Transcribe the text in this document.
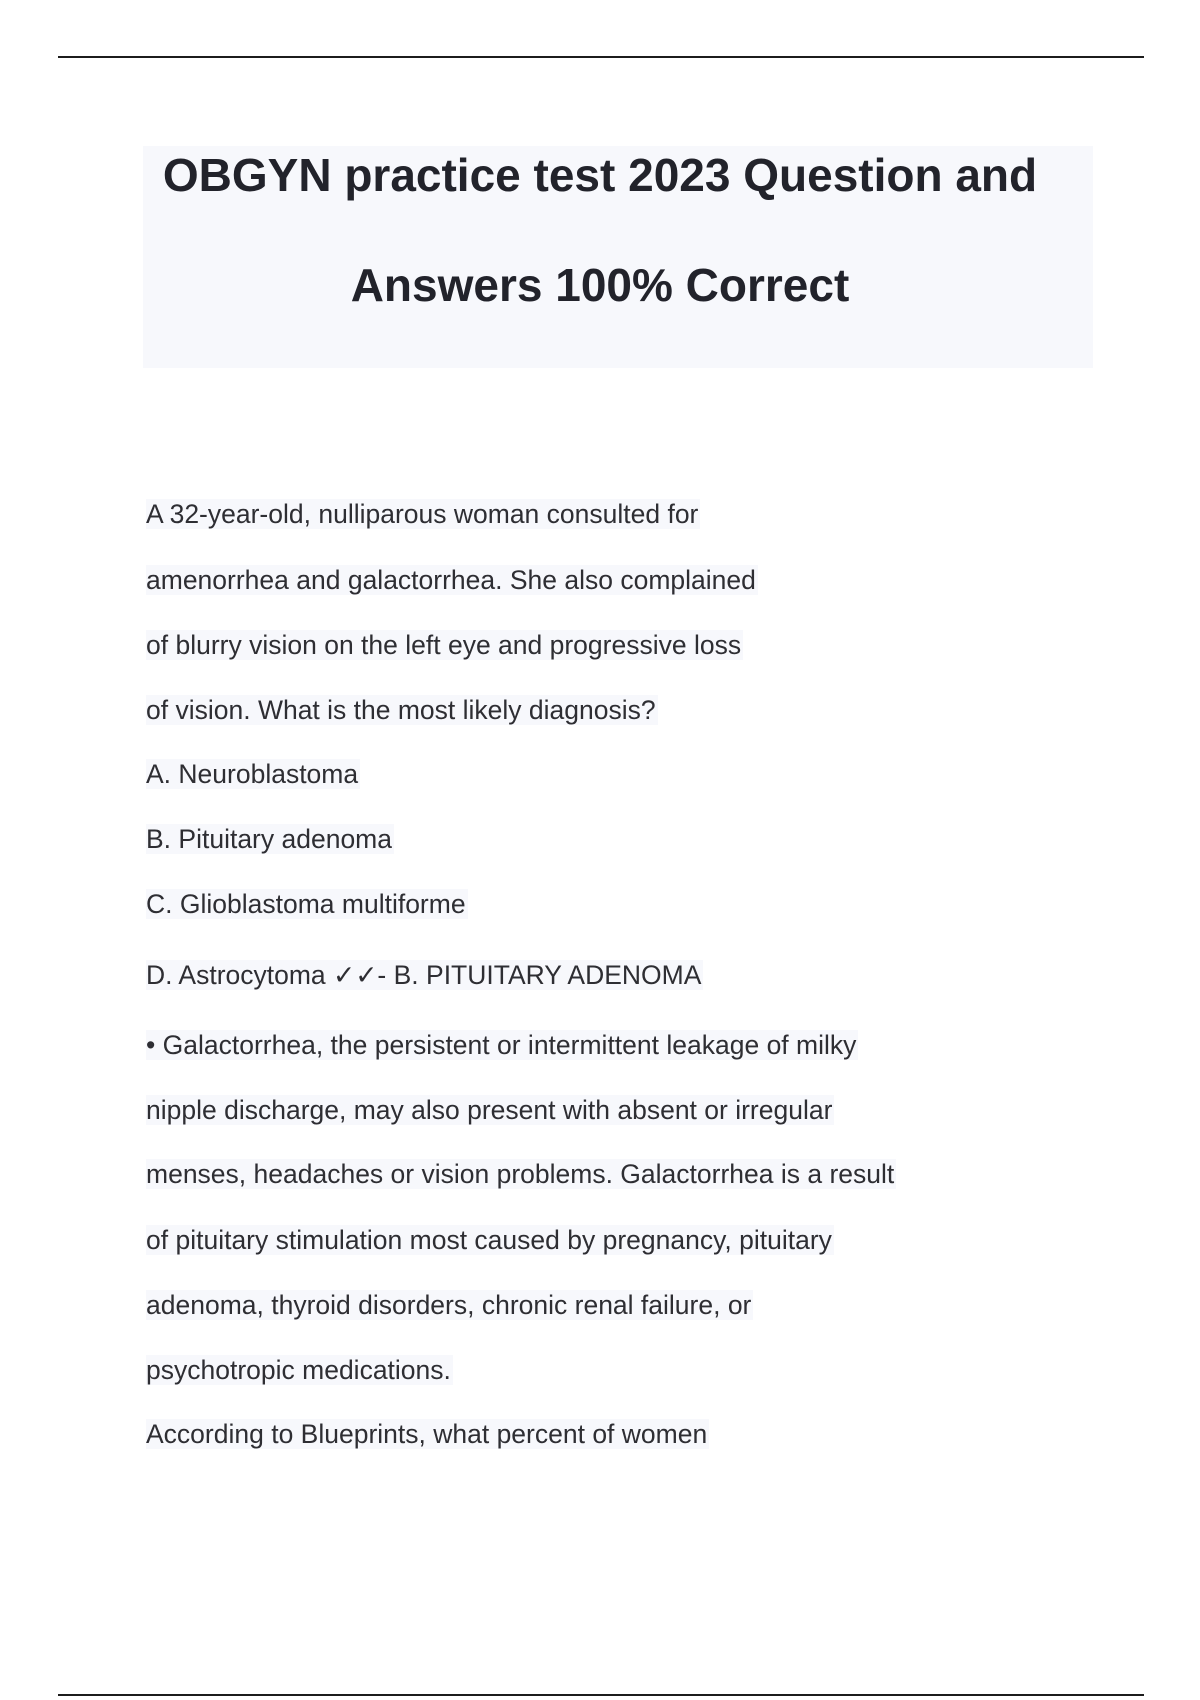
OBGYN practice test 2023 Question and
Answers 100% Correct
A 32-year-old, nulliparous woman consulted for
amenorrhea and galactorrhea. She also complained
of blurry vision on the left eye and progressive loss
of vision. What is the most likely diagnosis?
A. Neuroblastoma
B. Pituitary adenoma
C. Glioblastoma multiforme
D. Astrocytoma ✓✓- B. PITUITARY ADENOMA
• Galactorrhea, the persistent or intermittent leakage of milky
nipple discharge, may also present with absent or irregular
menses, headaches or vision problems. Galactorrhea is a result
of pituitary stimulation most caused by pregnancy, pituitary
adenoma, thyroid disorders, chronic renal failure, or
psychotropic medications.
According to Blueprints, what percent of women
